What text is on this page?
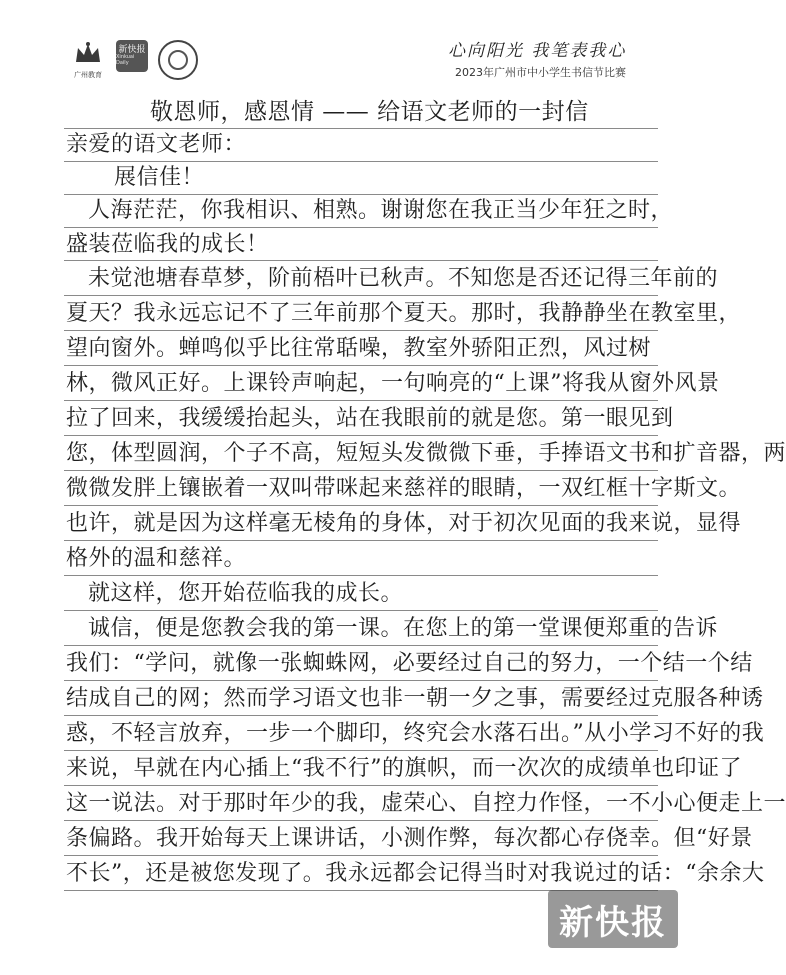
广州教育
新快报
Xinkuai Daily
心向阳光 我笔表我心
2023年广州市中小学生书信节比赛
敬恩师，感恩情 —— 给语文老师的一封信
亲爱的语文老师：
展信佳！
人海茫茫，你我相识、相熟。谢谢您在我正当少年狂之时，
盛装莅临我的成长！
未觉池塘春草梦，阶前梧叶已秋声。不知您是否还记得三年前的
夏天？我永远忘记不了三年前那个夏天。那时，我静静坐在教室里，
望向窗外。蝉鸣似乎比往常聒噪，教室外骄阳正烈，风过树
林，微风正好。上课铃声响起，一句响亮的“上课”将我从窗外风景
拉了回来，我缓缓抬起头，站在我眼前的就是您。第一眼见到
您，体型圆润，个子不高，短短头发微微下垂，手捧语文书和扩音器，两
微微发胖上镶嵌着一双叫带咪起来慈祥的眼睛，一双红框十字斯文。
也许，就是因为这样毫无棱角的身体，对于初次见面的我来说，显得
格外的温和慈祥。
就这样，您开始莅临我的成长。
诚信，便是您教会我的第一课。在您上的第一堂课便郑重的告诉
我们：“学问，就像一张蜘蛛网，必要经过自己的努力，一个结一个结
结成自己的网；然而学习语文也非一朝一夕之事，需要经过克服各种诱
惑，不轻言放弃，一步一个脚印，终究会水落石出。”从小学习不好的我
来说，早就在内心插上“我不行”的旗帜，而一次次的成绩单也印证了
这一说法。对于那时年少的我，虚荣心、自控力作怪，一不小心便走上一
条偏路。我开始每天上课讲话，小测作弊，每次都心存侥幸。但“好景
不长”，还是被您发现了。我永远都会记得当时对我说过的话：“余余大
新快报
